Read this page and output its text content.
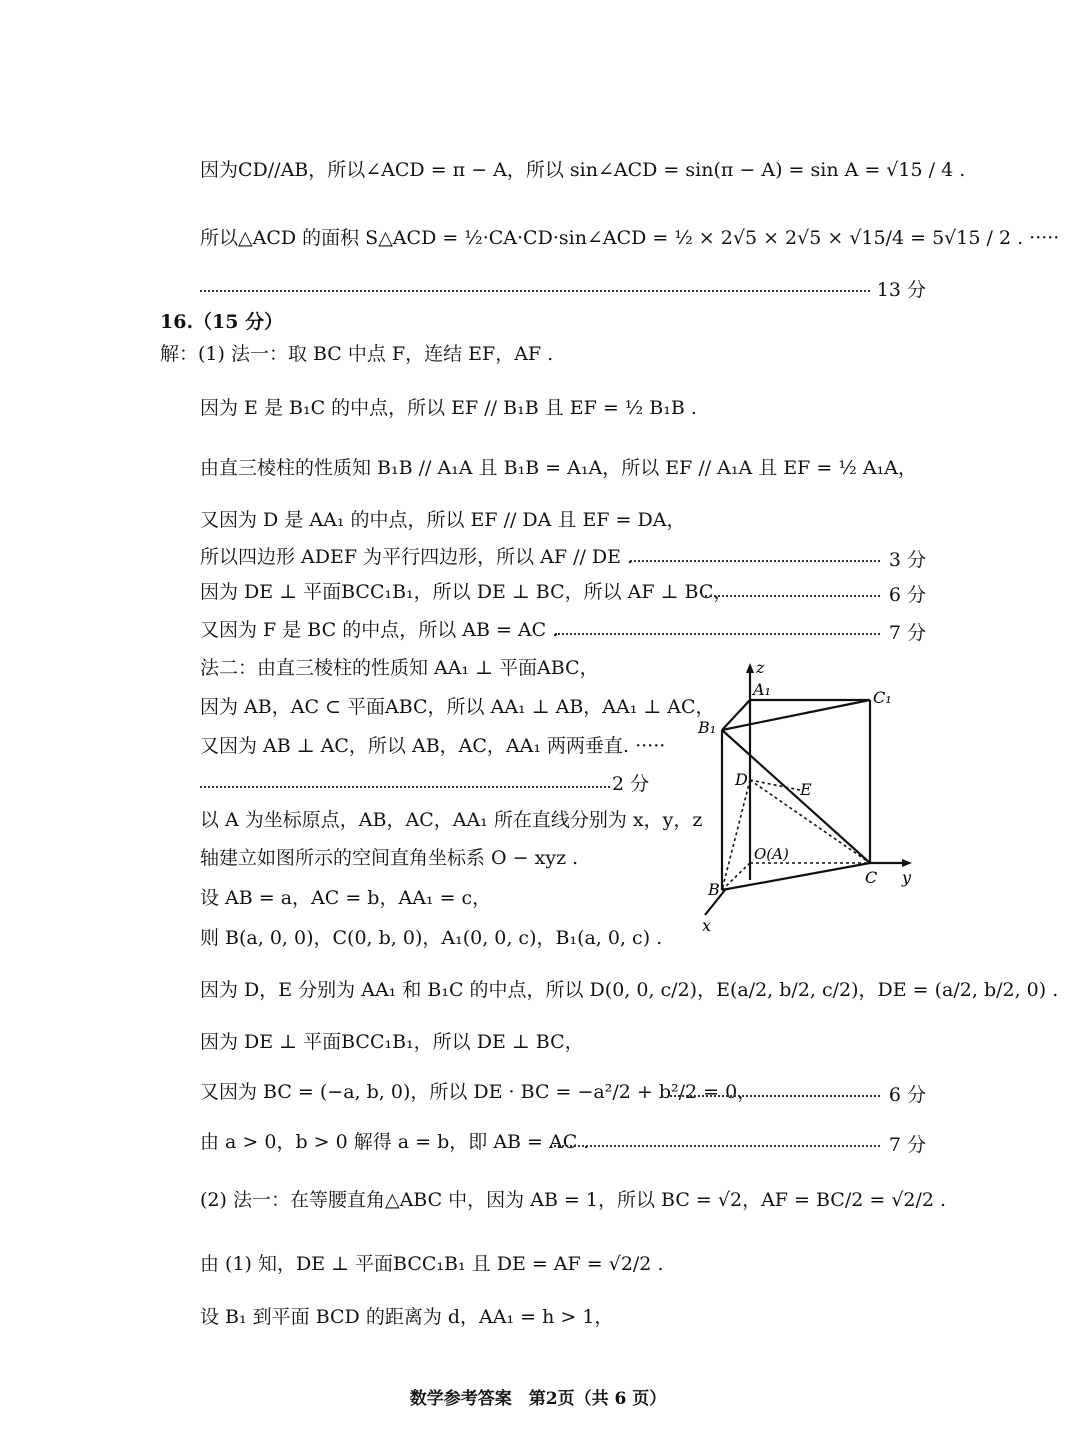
因为CD//AB，所以∠ACD = π − A，所以 sin∠ACD = sin(π − A) = sin A = √15 / 4 .
所以△ACD 的面积 S△ACD = ½·CA·CD·sin∠ACD = ½ × 2√5 × 2√5 × √15/4 = 5√15 / 2 . ·····
13 分
16.（15 分）
解：(1) 法一：取 BC 中点 F，连结 EF，AF .
因为 E 是 B₁C 的中点，所以 EF // B₁B 且 EF = ½ B₁B .
由直三棱柱的性质知 B₁B // A₁A 且 B₁B = A₁A，所以 EF // A₁A 且 EF = ½ A₁A，
又因为 D 是 AA₁ 的中点，所以 EF // DA 且 EF = DA，
所以四边形 ADEF 为平行四边形，所以 AF // DE .	3 分
因为 DE ⊥ 平面BCC₁B₁，所以 DE ⊥ BC，所以 AF ⊥ BC，	6 分
又因为 F 是 BC 的中点，所以 AB = AC .	7 分
法二：由直三棱柱的性质知 AA₁ ⊥ 平面ABC，
因为 AB，AC ⊂ 平面ABC，所以 AA₁ ⊥ AB，AA₁ ⊥ AC，
又因为 AB ⊥ AC，所以 AB，AC，AA₁ 两两垂直. ·····
2 分
以 A 为坐标原点，AB，AC，AA₁ 所在直线分别为 x，y，z
轴建立如图所示的空间直角坐标系 O − xyz .
设 AB = a，AC = b，AA₁ = c，
则 B(a, 0, 0)，C(0, b, 0)，A₁(0, 0, c)，B₁(a, 0, c) .
z
A₁	C₁
B₁
D
E
O(A)
B
C y
x
因为 D，E 分别为 AA₁ 和 B₁C 的中点，所以 D(0, 0, c/2)，E(a/2, b/2, c/2)，DE = (a/2, b/2, 0) .
因为 DE ⊥ 平面BCC₁B₁，所以 DE ⊥ BC，
又因为 BC = (−a, b, 0)，所以 DE · BC = −a²/2 + b²/2 = 0，	6 分
由 a > 0，b > 0 解得 a = b，即 AB = AC .	7 分
(2) 法一：在等腰直角△ABC 中，因为 AB = 1，所以 BC = √2，AF = BC/2 = √2/2 .
由 (1) 知，DE ⊥ 平面BCC₁B₁ 且 DE = AF = √2/2 .
设 B₁ 到平面 BCD 的距离为 d，AA₁ = h > 1，
数学参考答案　第2页（共 6 页）
